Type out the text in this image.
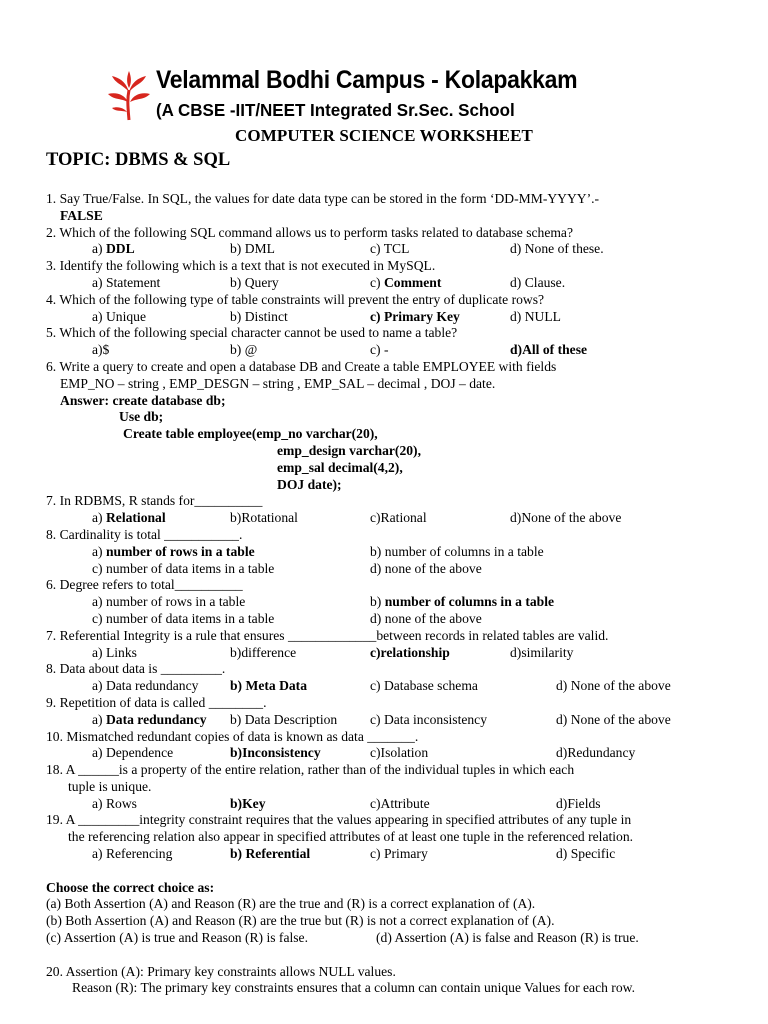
Velammal Bodhi Campus - Kolapakkam
(A CBSE -IIT/NEET Integrated Sr.Sec. School
COMPUTER SCIENCE WORKSHEET
TOPIC: DBMS & SQL
1. Say True/False. In SQL, the values for date data type can be stored in the form ‘DD-MM-YYYY’.-
FALSE
2. Which of the following SQL command allows us to perform tasks related to database schema?
a) DDL	b) DML	c) TCL	d) None of these.
3. Identify the following which is a text that is not executed in MySQL.
a) Statement	b) Query	c) Comment	d) Clause.
4. Which of the following type of table constraints will prevent the entry of duplicate rows?
a) Unique	b) Distinct	c) Primary Key	d) NULL
5. Which of the following special character cannot be used to name a table?
a)$	b) @	c) -	d)All of these
6. Write a query to create and open a database DB and Create a table EMPLOYEE with fields
EMP_NO – string , EMP_DESGN – string , EMP_SAL – decimal , DOJ – date.
Answer: create database db;
Use db;
Create table employee(emp_no varchar(20),
emp_design varchar(20),
emp_sal decimal(4,2),
DOJ date);
7. In RDBMS, R stands for__________
a) Relational	b)Rotational	c)Rational	d)None of the above
8. Cardinality is total ___________.
a) number of rows in a table	b) number of columns in a table
c) number of data items in a table	d) none of the above
6. Degree refers to total__________
a) number of rows in a table	b) number of columns in a table
c) number of data items in a table	d) none of the above
7. Referential Integrity is a rule that ensures _____________between records in related tables are valid.
a) Links	b)difference	c)relationship	d)similarity
8. Data about data is _________.
a) Data redundancy b) Meta Data	c) Database schema	d) None of the above
9. Repetition of data is called ________.
a) Data redundancy b) Data Description c) Data inconsistency	d) None of the above
10. Mismatched redundant copies of data is known as data _______.
a) Dependence	b)Inconsistency	c)Isolation	d)Redundancy
18. A ______is a property of the entire relation, rather than of the individual tuples in which each
tuple is unique.
a) Rows	b)Key	c)Attribute	d)Fields
19. A _________integrity constraint requires that the values appearing in specified attributes of any tuple in
the referencing relation also appear in specified attributes of at least one tuple in the referenced relation.
a) Referencing	b) Referential	c) Primary	d) Specific
Choose the correct choice as:
(a) Both Assertion (A) and Reason (R) are the true and (R) is a correct explanation of (A).
(b) Both Assertion (A) and Reason (R) are the true but (R) is not a correct explanation of (A).
(c) Assertion (A) is true and Reason (R) is false.	(d) Assertion (A) is false and Reason (R) is true.
20. Assertion (A): Primary key constraints allows NULL values.
Reason (R): The primary key constraints ensures that a column can contain unique Values for each row.
